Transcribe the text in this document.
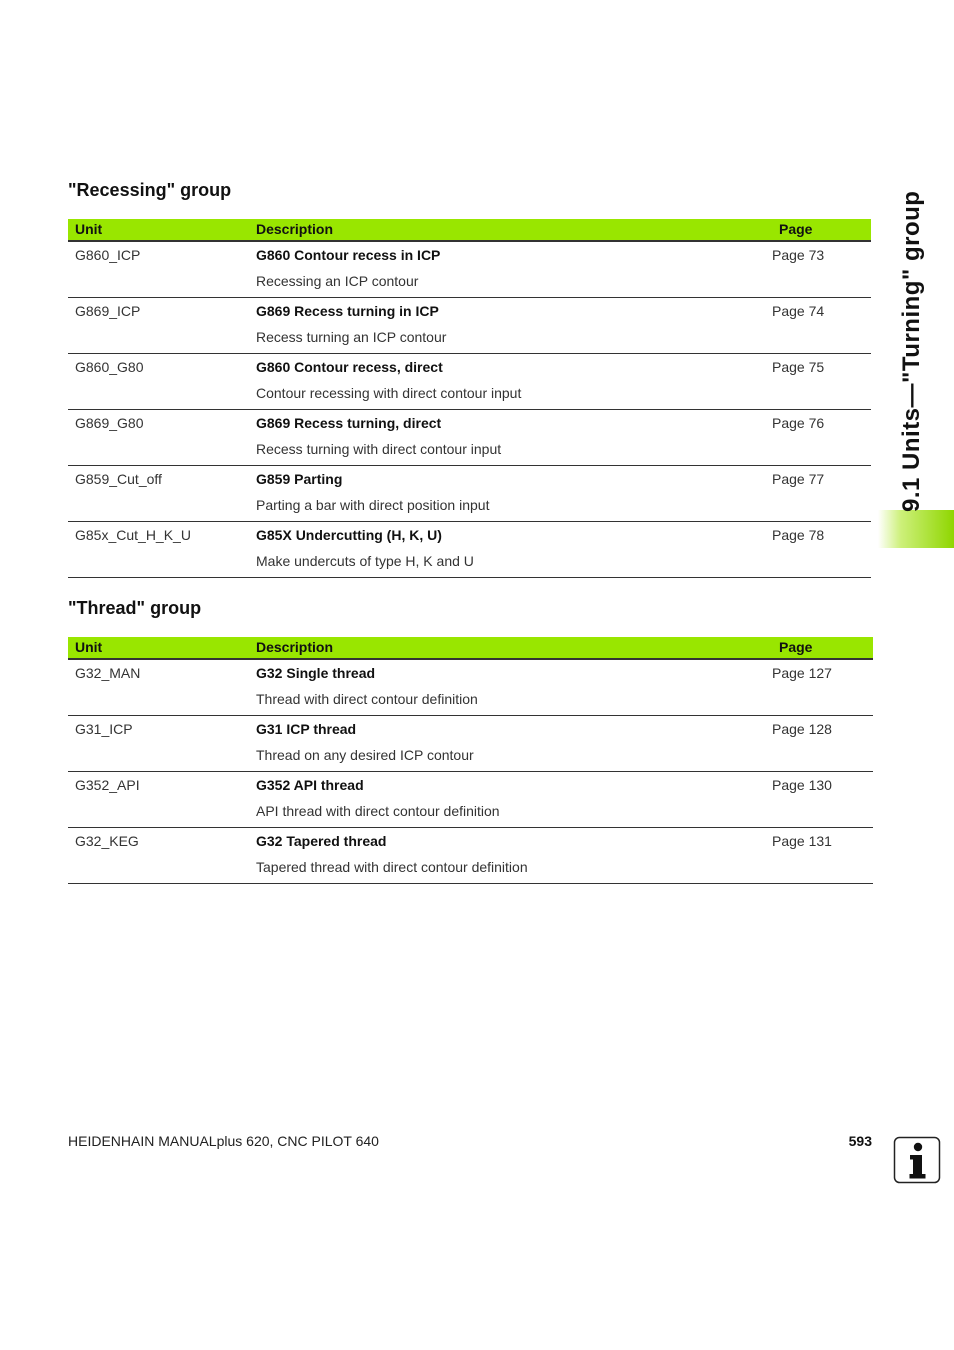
9.1 Units—"Turning" group
"Recessing" group
Unit	Description	Page

G860_ICP	G860 Contour recess in ICP
Recessing an ICP contour	Page 73

G869_ICP	G869 Recess turning in ICP
Recess turning an ICP contour	Page 74

G860_G80	G860 Contour recess, direct
Contour recessing with direct contour input	Page 75

G869_G80	G869 Recess turning, direct
Recess turning with direct contour input	Page 76

G859_Cut_off	G859 Parting
Parting a bar with direct position input	Page 77

G85x_Cut_H_K_U	G85X Undercutting (H, K, U)
Make undercuts of type H, K and U	Page 78
"Thread" group
Unit	Description	Page

G32_MAN	G32 Single thread
Thread with direct contour definition	Page 127

G31_ICP	G31 ICP thread
Thread on any desired ICP contour	Page 128

G352_API	G352 API thread
API thread with direct contour definition	Page 130

G32_KEG	G32 Tapered thread
Tapered thread with direct contour definition	Page 131
HEIDENHAIN MANUALplus 620, CNC PILOT 640	593
